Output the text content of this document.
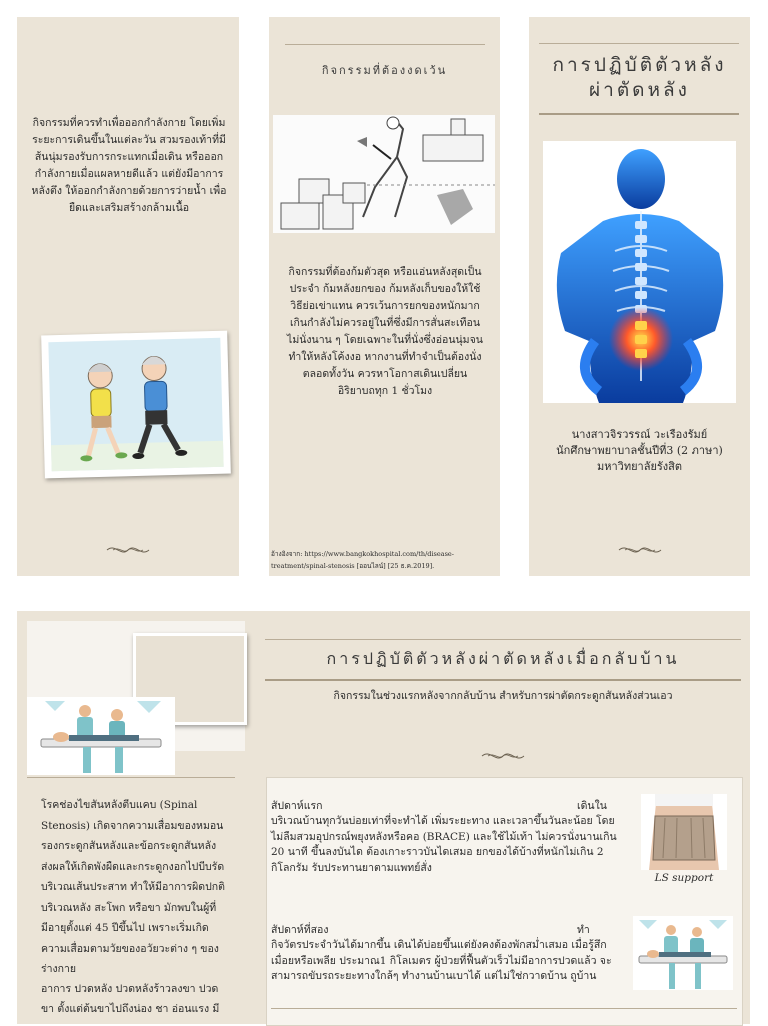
กิจกรรมที่ควรทำเพื่อออกกำลังกาย โดยเพิ่มระยะการเดินขึ้นในแต่ละวัน สวมรองเท้าที่มีส้นนุ่มรองรับการกระแทกเมื่อเดิน หรือออกกำลังกายเมื่อแผลหายดีแล้ว แต่ยังมีอาการหลังตึง ให้ออกกำลังกายด้วยการว่ายน้ำ เพื่อยืดและเสริมสร้างกล้ามเนื้อ
กิจกรรมที่ต้องงดเว้น
กิจกรรมที่ต้องก้มตัวสุด หรือแอ่นหลังสุดเป็นประจำ ก้มหลังยกของ ก้มหลังเก็บของให้ใช้วิธีย่อเข่าแทน ควรเว้นการยกของหนักมากเกินกำลังไม่ควรอยู่ในที่ซึ่งมีการสั่นสะเทือน ไม่นั่งนาน ๆ โดยเฉพาะในที่นั่งซึ่งอ่อนนุ่มจนทำให้หลังโค้งงอ หากงานที่ทำจำเป็นต้องนั่งตลอดทั้งวัน ควรหาโอกาสเดินเปลี่ยนอิริยาบถทุก 1 ชั่วโมง
อ้างอิงจาก: https://www.bangkokhospital.com/th/disease-treatment/spinal-stenosis [ออนไลน์] [25 ธ.ค.2019].
การปฏิบัติตัวหลัง
ผ่าตัดหลัง
นางสาวจิรวรรณ์ วะเรืองรัมย์
นักศึกษาพยาบาลชั้นปีที่3 (2 ภาษา)
มหาวิทยาลัยรังสิต
การปฏิบัติตัวหลังผ่าตัดหลังเมื่อกลับบ้าน
กิจกรรมในช่วงแรกหลังจากกลับบ้าน สำหรับการผ่าตัดกระดูกสันหลังส่วนเอว
โรคช่องไขสันหลังตีบแคบ (Spinal Stenosis) เกิดจากความเสื่อมของหมอนรองกระดูกสันหลังและข้อกระดูกสันหลัง ส่งผลให้เกิดพังผืดและกระดูกงอกไปบีบรัดบริเวณเส้นประสาท ทำให้มีอาการผิดปกติบริเวณหลัง สะโพก หรือขา มักพบในผู้ที่มีอายุตั้งแต่ 45 ปีขึ้นไป เพราะเริ่มเกิดความเสื่อมตามวัยของอวัยวะต่าง ๆ ของร่างกาย
อาการ ปวดหลัง ปวดหลังร้าวลงขา ปวดขา ตั้งแต่ต้นขาไปถึงน่อง ชา อ่อนแรง มี
สัปดาห์แรก	เดินใน
บริเวณบ้านทุกวันบ่อยเท่าที่จะทำได้ เพิ่มระยะทาง และเวลาขึ้นวันละน้อย โดยไม่ลืมสวมอุปกรณ์พยุงหลังหรือคอ (BRACE) และใช้ไม้เท้า ไม่ควรนั่งนานเกิน 20 นาที ขึ้นลงบันได ต้องเกาะราวบันไดเสมอ ยกของได้บ้างที่หนักไม่เกิน 2 กิโลกรัม รับประทานยาตามแพทย์สั่ง
LS support
สัปดาห์ที่สอง	ทำ
กิจวัตรประจำวันได้มากขึ้น เดินได้บ่อยขึ้นแต่ยังคงต้องพักสม่ำเสมอ เมื่อรู้สึกเมื่อยหรือเพลีย ประมาณ1 กิโลเมตร ผู้ป่วยที่ฟื้นตัวเร็วไม่มีอาการปวดแล้ว จะสามารถขับรถระยะทางใกล้ๆ ทำงานบ้านเบาได้ แต่ไม่ใช่กวาดบ้าน ถูบ้าน
